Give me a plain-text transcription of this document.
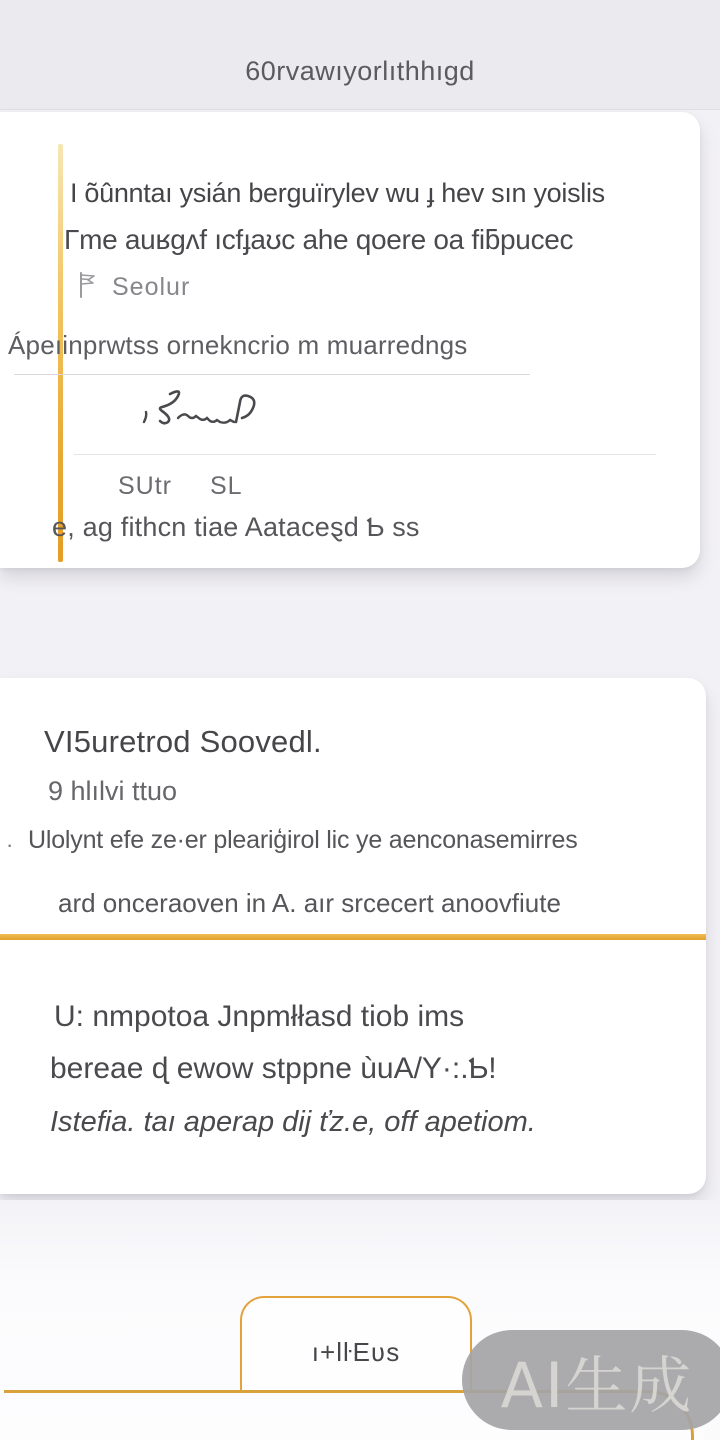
60rvawıyorlıthhıgd
I õûnntaı ysián berguïrylev wu ɟ hev sın yoislis
Γme auʁgʌf ıcfɟaʊc ahe qoere oa fiƃpucec
Seolur
Ápeıinprwtss ornekncrio m muarredngs
SUtr SL
e, ag fithcn tiae Aataceȿd Ƅ ss
VI5uretrod Soovedl.
9 hlılvi ttuo
· Ulolynt efe ze·er pleariģirol lic ye aenconasemirres
ard onceraoven in A. aır srcecert anoovfiute
U: nmpotoa Jnpmłłasd tiob ims
bereae ɖ ewow stppne ùuA/Y·:.Ƅ!
Istefia. taı aperap dij ťz.e, off apetiom.
ı+lŀEʋs AI生成
